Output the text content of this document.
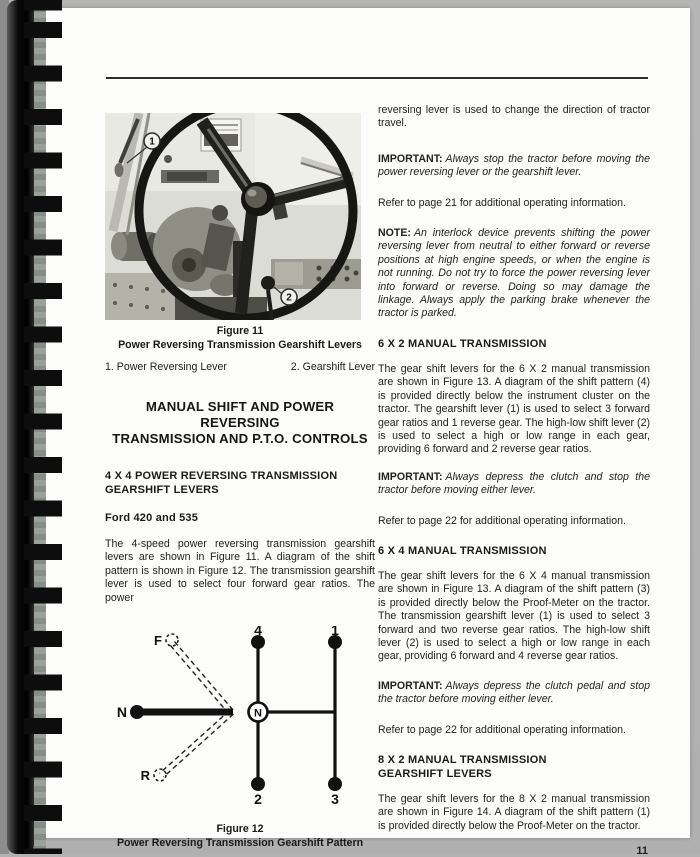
1
2
Figure 11
Power Reversing Transmission Gearshift Levers
1. Power Reversing Lever	2. Gearshift Lever
MANUAL SHIFT AND POWER REVERSING
TRANSMISSION AND P.T.O. CONTROLS
4 X 4 POWER REVERSING TRANSMISSION
GEARSHIFT LEVERS
Ford 420 and 535

The 4-speed power reversing transmission gearshift levers are shown in Figure 11. A diagram of the shift pattern is shown in Figure 12. The transmission gearshift lever is used to select four forward gear ratios. The power

F
N
R
N
4	1
2	3
Figure 12
Power Reversing Transmission Gearshift Pattern

reversing lever is used to change the direction of tractor travel.

IMPORTANT: Always stop the tractor before moving the power reversing lever or the gearshift lever.

Refer to page 21 for additional operating information.

NOTE: An interlock device prevents shifting the power reversing lever from neutral to either forward or reverse positions at high engine speeds, or when the engine is not running. Do not try to force the power reversing lever into forward or reverse. Doing so may damage the linkage. Always apply the parking brake whenever the tractor is parked.

6 X 2 MANUAL TRANSMISSION

The gear shift levers for the 6 X 2 manual transmission are shown in Figure 13. A diagram of the shift pattern (4) is provided directly below the instrument cluster on the tractor. The gearshift lever (1) is used to select 3 forward gear ratios and 1 reverse gear. The high-low shift lever (2) is used to select a high or low range in each gear, providing 6 forward and 2 reverse gear ratios.

IMPORTANT: Always depress the clutch and stop the tractor before moving either lever.

Refer to page 22 for additional operating information.

6 X 4 MANUAL TRANSMISSION

The gear shift levers for the 6 X 4 manual transmission are shown in Figure 13. A diagram of the shift pattern (3) is provided directly below the Proof-Meter on the tractor. The transmission gearshift lever (1) is used to select 3 forward and two reverse gear ratios. The high-low shift lever (2) is used to select a high or low range in each gear, providing 6 forward and 4 reverse gear ratios.

IMPORTANT: Always depress the clutch pedal and stop the tractor before moving either lever.

Refer to page 22 for additional operating information.

8 X 2 MANUAL TRANSMISSION
GEARSHIFT LEVERS

The gear shift levers for the 8 X 2 manual transmission are shown in Figure 14. A diagram of the shift pattern (1) is provided directly below the Proof-Meter on the tractor.

11
